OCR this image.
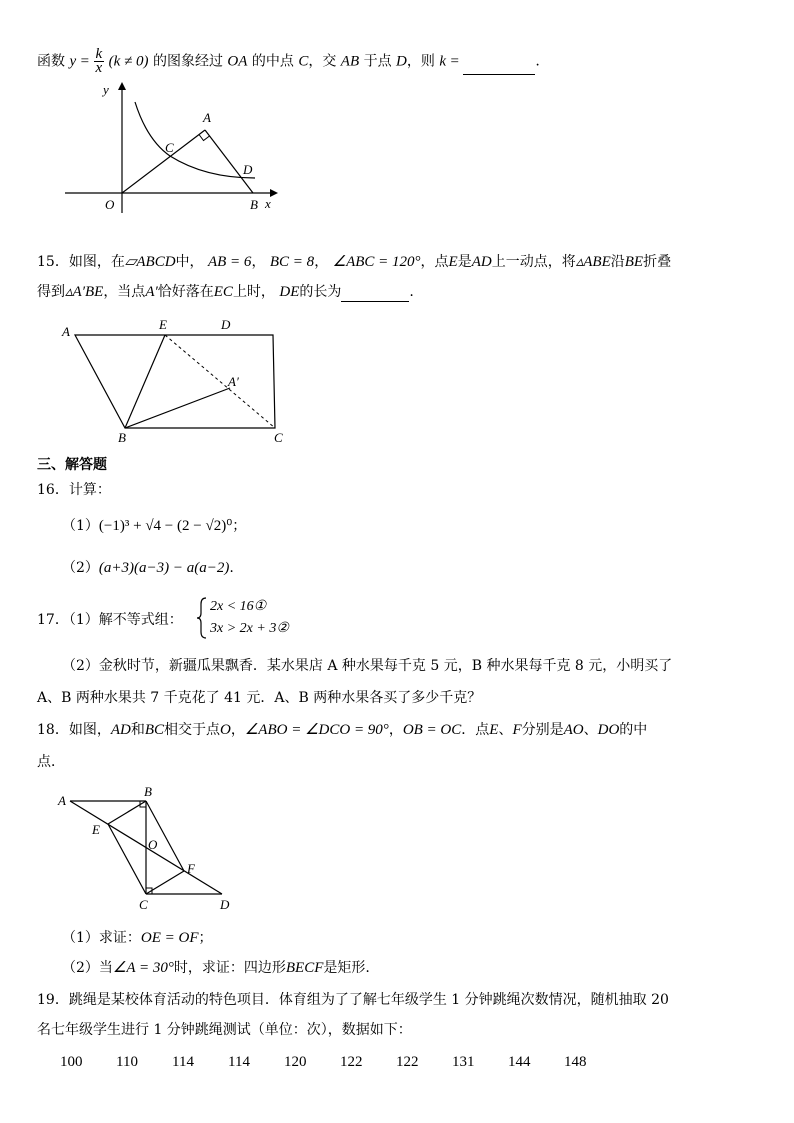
函数 $y = \frac{k}{x} (k \ne 0)$ 的图象经过 OA 的中点 C，交 AB 于点 D，则 k =	.
y
x
O
A
B
C
D
15．如图，在▱ABCD中， AB = 6， BC = 8， ∠ABC = 120°，点E是AD上一动点，将▵ABE沿BE折叠
得到▵A′BE，当点A′恰好落在EC上时， DE的长为	.
A	E	D
A′
B	C
三、解答题
16．计算：
（1）(−1)³ + √4 − (2 − √2)⁰；
（2）(a+3)(a−3) − a(a−2).
17．（1）解不等式组：
2x < 16①
3x > 2x + 3②
（2）金秋时节，新疆瓜果飘香．某水果店 A 种水果每千克 5 元，B 种水果每千克 8 元，小明买了
A、B 两种水果共 7 千克花了 41 元．A、B 两种水果各买了多少千克？
18．如图，AD和BC相交于点O，∠ABO = ∠DCO = 90°，OB = OC．点E、F分别是AO、DO的中
点．
A
B
E
O
F
C	D
（1）求证：OE = OF；
（2）当∠A = 30°时，求证：四边形BECF是矩形.
19．跳绳是某校体育活动的特色项目．体育组为了了解七年级学生 1 分钟跳绳次数情况，随机抽取 20
名七年级学生进行 1 分钟跳绳测试（单位：次），数据如下：
100	110	114	114	120	122	122	131	144	148
